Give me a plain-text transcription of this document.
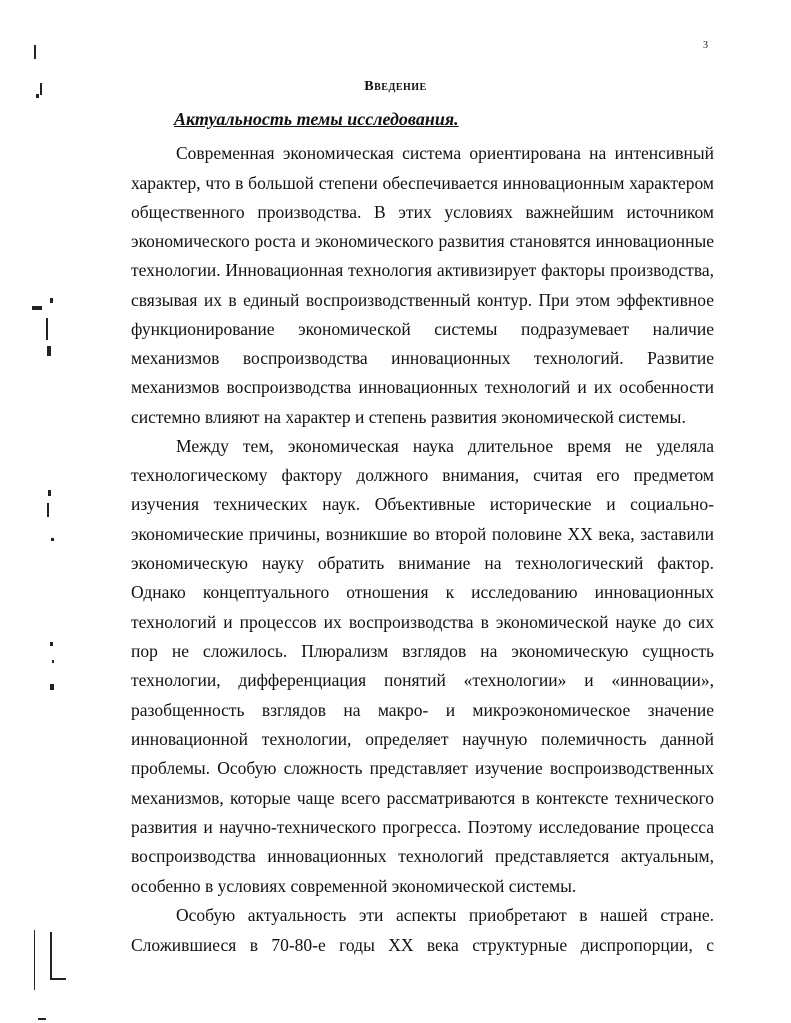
3
Введение
Актуальность темы исследования.
Современная экономическая система ориентирована на интенсивный
характер, что в большой степени обеспечивается инновационным характером
общественного производства. В этих условиях важнейшим источником
экономического роста и экономического развития становятся инновационные
технологии. Инновационная технология активизирует факторы производства,
связывая их в единый воспроизводственный контур. При этом эффективное
функционирование экономической системы подразумевает наличие
механизмов воспроизводства инновационных технологий. Развитие
механизмов воспроизводства инновационных технологий и их особенности
системно влияют на характер и степень развития экономической системы.
Между тем, экономическая наука длительное время не уделяла
технологическому фактору должного внимания, считая его предметом
изучения технических наук. Объективные исторические и социально-
экономические причины, возникшие во второй половине XX века, заставили
экономическую науку обратить внимание на технологический фактор.
Однако концептуального отношения к исследованию инновационных
технологий и процессов их воспроизводства в экономической науке до сих
пор не сложилось. Плюрализм взглядов на экономическую сущность
технологии, дифференциация понятий «технологии» и «инновации»,
разобщенность взглядов на макро- и микроэкономическое значение
инновационной технологии, определяет научную полемичность данной
проблемы. Особую сложность представляет изучение воспроизводственных
механизмов, которые чаще всего рассматриваются в контексте технического
развития и научно-технического прогресса. Поэтому исследование процесса
воспроизводства инновационных технологий представляется актуальным,
особенно в условиях современной экономической системы.
Особую актуальность эти аспекты приобретают в нашей стране.
Сложившиеся в 70-80-е годы XX века структурные диспропорции, с
